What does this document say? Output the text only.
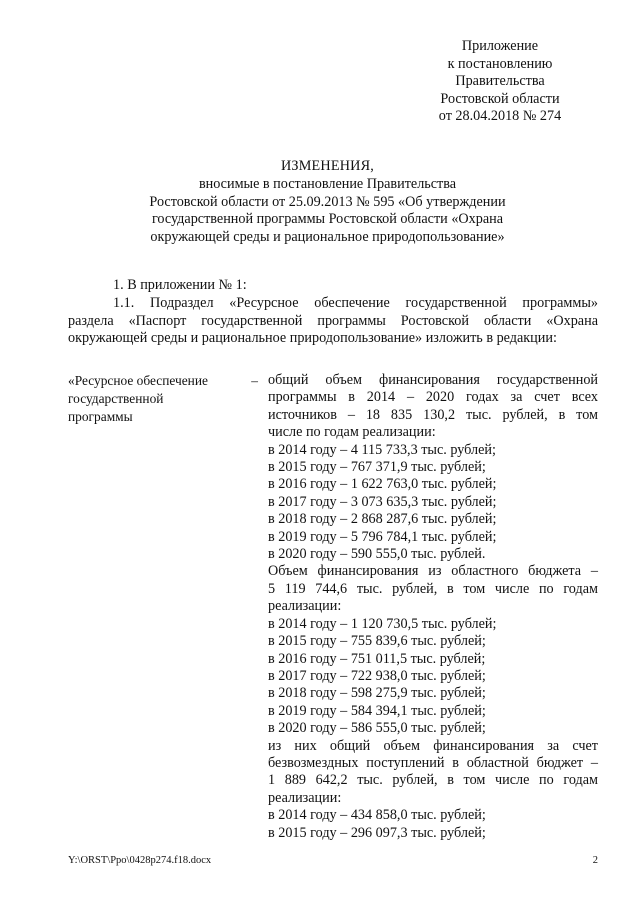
Приложение
к постановлению
Правительства
Ростовской области
от 28.04.2018 № 274
ИЗМЕНЕНИЯ,
вносимые в постановление Правительства
Ростовской области от 25.09.2013 № 595 «Об утверждении
государственной программы Ростовской области «Охрана
окружающей среды и рациональное природопользование»
1. В приложении № 1:
1.1. Подраздел «Ресурсное обеспечение государственной программы»
раздела «Паспорт государственной программы Ростовской области «Охрана
окружающей среды и рациональное природопользование» изложить в редакции:
«Ресурсное обеспечение	–
государственной
программы
общий объем финансирования государственной
программы в 2014 – 2020 годах за счет всех
источников – 18 835 130,2 тыс. рублей, в том
числе по годам реализации:
в 2014 году – 4 115 733,3 тыс. рублей;
в 2015 году – 767 371,9 тыс. рублей;
в 2016 году – 1 622 763,0 тыс. рублей;
в 2017 году – 3 073 635,3 тыс. рублей;
в 2018 году – 2 868 287,6 тыс. рублей;
в 2019 году – 5 796 784,1 тыс. рублей;
в 2020 году – 590 555,0 тыс. рублей.
Объем финансирования из областного бюджета –
5 119 744,6 тыс. рублей, в том числе по годам
реализации:
в 2014 году – 1 120 730,5 тыс. рублей;
в 2015 году – 755 839,6 тыс. рублей;
в 2016 году – 751 011,5 тыс. рублей;
в 2017 году – 722 938,0 тыс. рублей;
в 2018 году – 598 275,9 тыс. рублей;
в 2019 году – 584 394,1 тыс. рублей;
в 2020 году – 586 555,0 тыс. рублей;
из них общий объем финансирования за счет
безвозмездных поступлений в областной бюджет –
1 889 642,2 тыс. рублей, в том числе по годам
реализации:
в 2014 году – 434 858,0 тыс. рублей;
в 2015 году – 296 097,3 тыс. рублей;
Y:\ORST\Ppo\0428p274.f18.docx	2
